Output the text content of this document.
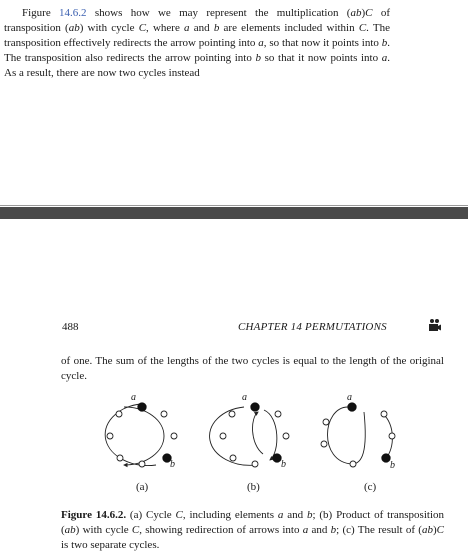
Figure 14.6.2 shows how we may represent the multiplication (ab)C of transposition (ab) with cycle C, where a and b are elements included within C. The transposition effectively redirects the arrow pointing into a, so that now it points into b. The transposition also redirects the arrow pointing into b so that it now points into a. As a result, there are now two cycles instead
488	CHAPTER 14 PERMUTATIONS
of one. The sum of the lengths of the two cycles is equal to the length of the original cycle.
a
b
a
b
a
b
(a)	(b)	(c)
Figure 14.6.2. (a) Cycle C, including elements a and b; (b) Product of transposition (ab) with cycle C, showing redirection of arrows into a and b; (c) The result of (ab)C is two separate cycles.
